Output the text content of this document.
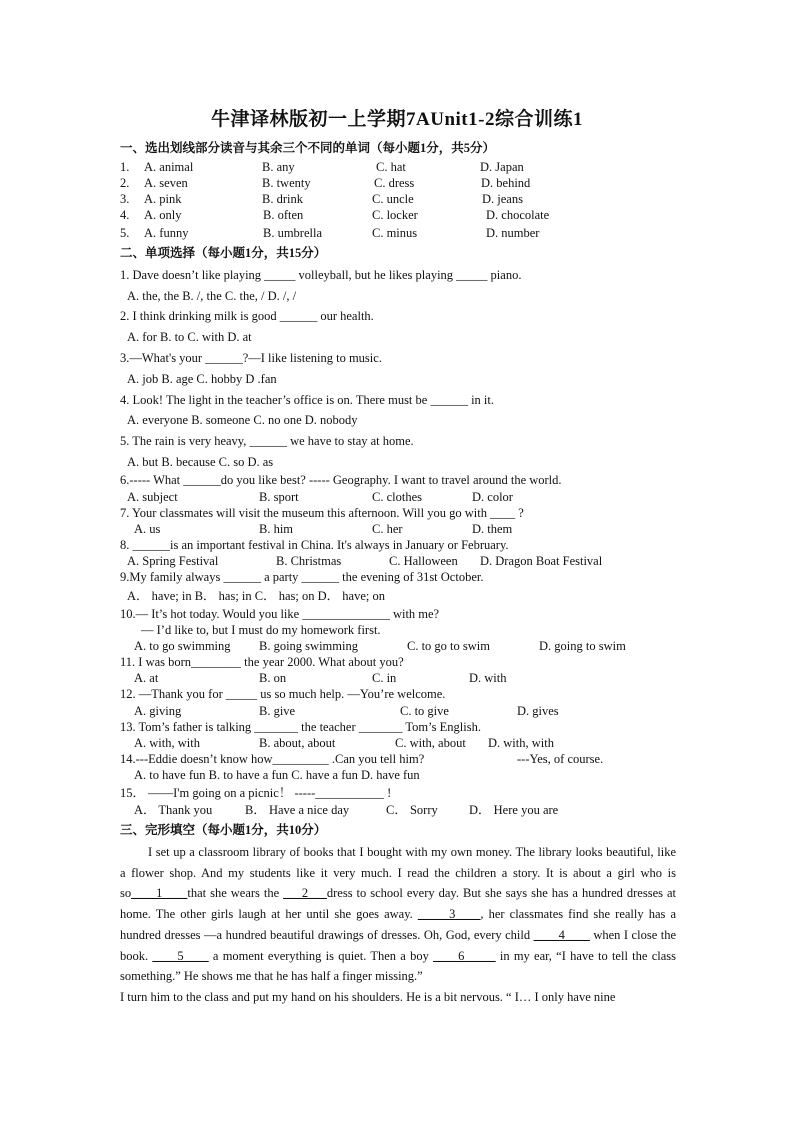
牛津译林版初一上学期7AUnit1-2综合训练1
一、选出划线部分读音与其余三个不同的单词（每小题1分，共5分）
1. A. animal	B. any	C. hat	D. Japan
2. A. seven	B. twenty	C. dress	D. behind
3. A. pink	B. drink	C. uncle	D. jeans
4. A. only	B. often	C. locker	D. chocolate
5. A. funny	B. umbrella	C. minus	D. number
二、单项选择（每小题1分，共15分）
1. Dave doesn’t like playing _____ volleyball, but he likes playing _____ piano.
A. the, the B. /, the C. the, / D. /, /
2. I think drinking milk is good ______ our health.
A. for B. to C. with D. at
3.—What's your ______?—I like listening to music.
A. job B. age C. hobby D .fan
4. Look! The light in the teacher’s office is on. There must be ______ in it.
A. everyone B. someone C. no one D. nobody
5. The rain is very heavy, ______ we have to stay at home.
A. but B. because C. so D. as
6.----- What ______do you like best? ----- Geography. I want to travel around the world.
A. subject	B. sport	C. clothes	D. color
7. Your classmates will visit the museum this afternoon. Will you go with ____ ?
A. us	B. him	C. her	D. them
8. ______is an important festival in China. It's always in January or February.
A. Spring Festival	B. Christmas	C. Halloween D. Dragon Boat Festival
9.My family always ______ a party ______ the evening of 31st October.
A． have; in B． has; in C． has; on D． have; on
10.— It’s hot today. Would you like ______________ with me?
— I’d like to, but I must do my homework first.
A. to go swimming B. going swimming	C. to go to swim	D. going to swim
11. I was born________ the year 2000. What about you?
A. at	B. on	C. in	D. with
12. —Thank you for _____ us so much help. —You’re welcome.
A. giving	B. give	C. to give	D. gives
13. Tom’s father is talking _______ the teacher _______ Tom’s English.
A. with, with	B. about, about	C. with, about D. with, with
14.---Eddie doesn’t know how_________ .Can you tell him?	---Yes, of course.
A. to have fun B. to have a fun C. have a fun D. have fun
15． ——I'm going on a picnic！ -----___________ !
A． Thank you	B． Have a nice day	C． Sorry	D． Here you are
三、完形填空（每小题1分，共10分）

I set up a classroom library of books that I bought with my own money. The library looks beautiful, like a flower shop. And my students like it very much. I read the children a story. It is about a girl who is so____1____that she wears the ___2___dress to school every day. But she says she has a hundred dresses at home. The other girls laugh at her until she goes away. _____3____, her classmates find she really has a hundred dresses —a hundred beautiful drawings of dresses. Oh, God, every child ____4____ when I close the book. ____5____ a moment everything is quiet. Then a boy ____6_____ in my ear, “I have to tell the class something.” He shows me that he has half a finger missing.”

I turn him to the class and put my hand on his shoulders. He is a bit nervous. “ I… I only have nine
